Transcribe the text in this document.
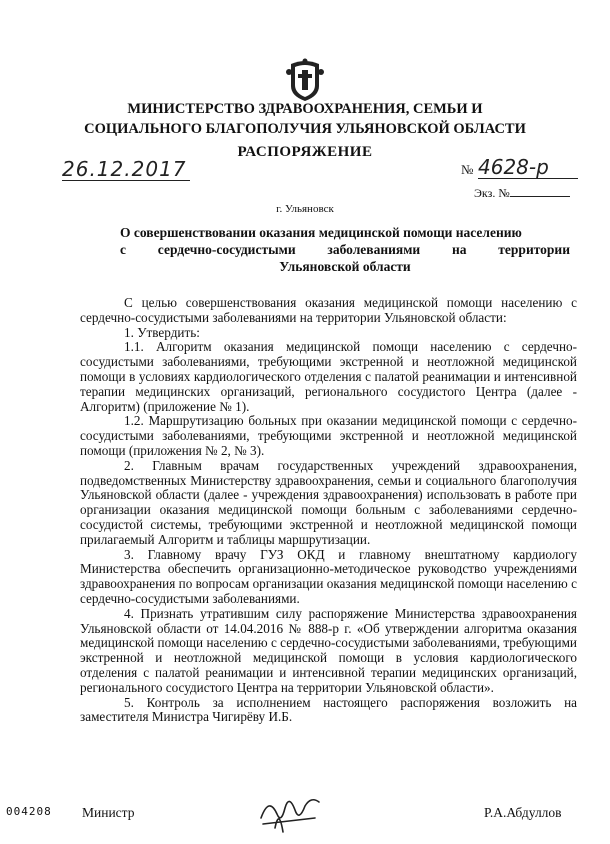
МИНИСТЕРСТВО ЗДРАВООХРАНЕНИЯ, СЕМЬИ И
СОЦИАЛЬНОГО БЛАГОПОЛУЧИЯ УЛЬЯНОВСКОЙ ОБЛАСТИ
РАСПОРЯЖЕНИЕ
26.12.2017	№ 4628-р
Экз. №
г. Ульяновск

О совершенствовании оказания медицинской помощи населению

с сердечно-сосудистыми заболеваниями на территории

Ульяновской области

С целью совершенствования оказания медицинской помощи населению с сердечно-сосудистыми заболеваниями на территории Ульяновской области:

1. Утвердить:

1.1. Алгоритм оказания медицинской помощи населению с сердечно-сосудистыми заболеваниями, требующими экстренной и неотложной медицинской помощи в условиях кардиологического отделения с палатой реанимации и интенсивной терапии медицинских организаций, регионального сосудистого Центра (далее - Алгоритм) (приложение № 1).

1.2. Маршрутизацию больных при оказании медицинской помощи с сердечно-сосудистыми заболеваниями, требующими экстренной и неотложной медицинской помощи (приложения № 2, № 3).

2. Главным врачам государственных учреждений здравоохранения, подведомственных Министерству здравоохранения, семьи и социального благополучия Ульяновской области (далее - учреждения здравоохранения) использовать в работе при организации оказания медицинской помощи больным с заболеваниями сердечно-сосудистой системы, требующими экстренной и неотложной медицинской помощи прилагаемый Алгоритм и таблицы маршрутизации.

3. Главному врачу ГУЗ ОКД и главному внештатному кардиологу Министерства обеспечить организационно-методическое руководство учреждениями здравоохранения по вопросам организации оказания медицинской помощи населению с сердечно-сосудистыми заболеваниями.

4. Признать утратившим силу распоряжение Министерства здравоохранения Ульяновской области от 14.04.2016 № 888-р г. «Об утверждении алгоритма оказания медицинской помощи населению с сердечно-сосудистыми заболеваниями, требующими экстренной и неотложной медицинской помощи в условия кардиологического отделения с палатой реанимации и интенсивной терапии медицинских организаций, регионального сосудистого Центра на территории Ульяновской области».

5. Контроль за исполнением настоящего распоряжения возложить на заместителя Министра Чигирёву И.Б.

004208 Министр	Р.А.Абдуллов
